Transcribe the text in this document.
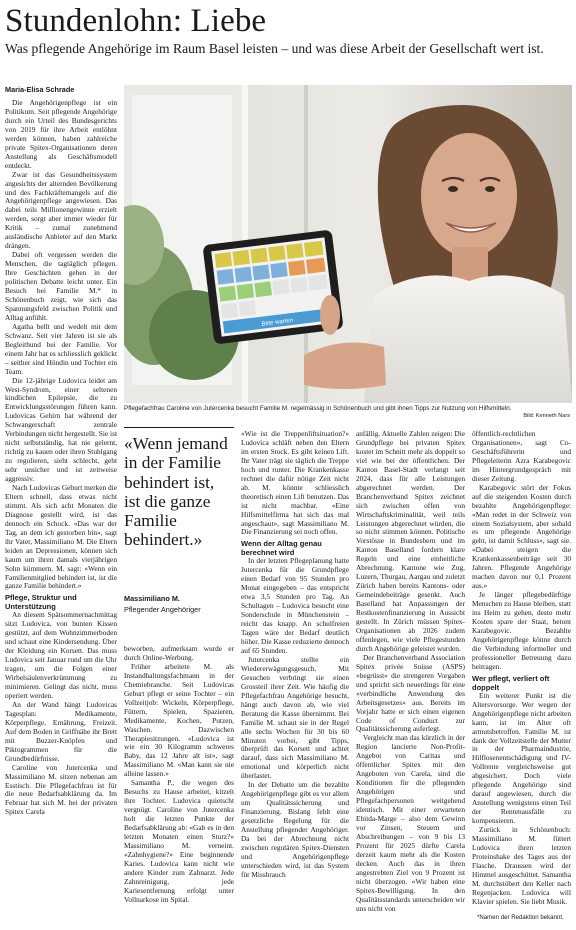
Stundenlohn: Liebe

Was pflegende Angehörige im Raum Basel leisten – und was diese Arbeit der Gesellschaft wert ist.

Maria-Elisa Schrade

Die Angehörigenpflege ist ein Politikum. Seit pflegende Angehörige durch ein Urteil des Bundesgerichts von 2019 für ihre Arbeit entlöhnt werden können, haben zahlreiche private Spitex-Organisationen deren Anstellung als Geschäftsmodell entdeckt.

Zwar ist das Gesundheitssystem angesichts der alternden Bevölkerung und des Fachkräftemangels auf die Angehörigenpflege angewiesen. Das dabei teils Millionengewinne erzielt werden, sorgt aber immer wieder für Kritik – zumal zunehmend ausländische Anbieter auf den Markt drängen.

Dabei oft vergessen werden die Menschen, die tagtäglich pflegen. Ihre Geschichten gehen in der politischen Debatte leicht unter. Ein Besuch bei Familie M.* in Schönenbuch zeigt, wie sich das Spannungsfeld zwischen Politik und Alltag anfühlt.

Agatha bellt und wedelt mit dem Schwanz. Seit vier Jahren ist sie als Begleithund bei der Familie. Vor einem Jahr hat es schliesslich geklickt – seither sind Hündin und Tochter ein Team.

Die 12-jährige Ludovica leidet am West-Syndrom, einer seltenen kindlichen Epilepsie, die zu Entwicklungsstörungen führen kann. Ludovicas Gehirn hat während der Schwangerschaft zentrale Verbindungen nicht hergestellt. Sie ist nicht selbstständig, hat nie gelernt, richtig zu kauen oder ihren Stuhlgang zu regulieren, sieht schlecht, geht sehr unsicher und ist zeitweise aggressiv.

Nach Ludovicas Geburt merken die Eltern schnell, dass etwas nicht stimmt. Als sich acht Monaten die Diagnose gestellt wird, ist das dennoch ein Schock. «Das war der Tag, an dem ich gestorben bin», sagt ihr Vater, Massimiliano M. Die Eltern leiden an Depressionen, können sich kaum um ihren damals vierjährigen Sohn kümmern. M. sagt: «Wenn ein Familienmitglied behindert ist, ist die ganze Familie behindert.»

Pflege, Struktur und Unterstützung

An diesem Spätsommernachmittag sitzt Ludovica, von bunten Kissen gestützt, auf dem Wohnzimmerboden und schaut eine Kindersendung. Über der Kleidung ein Korsett. Das muss Ludovica seit Januar rund um die Uhr tragen, um die Folgen einer Wirbelsäulenverkrümmung zu minimieren. Gelingt das nicht, muss operiert werden.

An der Wand hängt Ludovicas Tagesplan: Medikamente, Körperpflege, Ernährung, Freizeit. Auf dem Boden in Griffnähe ihr Brett mit Buzzer-Knöpfen und Piktogrammen für die Grundbedürfnisse.

Caroline von Jutercenka und Massimiliano M. sitzen nebenan am Esstisch. Die Pflegefachfrau ist für die neue Bedarfsabklärung da. Im Februar hat sich M. bei der privaten Spitex Carela

Bitte warten
Pflegefachfrau Caroline von Jutercenka besucht Familie M. regelmässig in Schönenbuch und gibt ihnen Tipps zur Nutzung von Hilfsmitteln.
Bild: Kenneth Nars
«Wenn jemand in der Familie behindert ist, ist die ganze Familie behindert.»
Massimiliano M.
Pflegender Angehöriger

beworben, aufmerksam wurde er durch Online-Werbung.

Früher arbeitete M. als Instandhaltungsfachmann in der Chemiebranche. Seit Ludovicas Geburt pflegt er seine Tochter – ein Vollzeitjob: Wickeln, Körperpflege, Füttern, Spielen, Spazieren, Medikamente, Kochen, Putzen, Waschen. Dazwischen Therapiesitzungen. «Ludovica ist wie ein 30 Kilogramm schweres Baby, das 12 Jahre alt ist», sagt Massimiliano M. «Man kann sie nie alleine lassen.»

Samantha P., die wegen des Besuchs zu Hause arbeitet, kitzelt ihre Tochter. Ludovica quietscht vergnügt. Caroline von Jutercenka holt die letzten Punkte der Bedarfsabklärung ab: «Gab es in den letzten Monaten einen Sturz?» Massimiliano M. verneint. «Zahnhygiene?» Eine beginnende Karies. Ludovica kann nicht wie andere Kinder zum Zahnarzt. Jede Zahnreinigung, jede Kariesentfernung erfolgt unter Vollnarkose im Spital.

«Wie ist die Treppenliftsituation?» Ludovica schläft neben den Eltern im ersten Stock. Es gibt keinen Lift. Ihr Vater trägt sie täglich die Treppe hoch und runter. Die Krankenkasse rechnet die dafür nötige Zeit nicht ab. M. könnte schliesslich theoretisch einen Lift benutzen. Das ist nicht machbar. «Eine Hilfsmittelfirma hat sich das mal angeschaut», sagt Massimiliano M. Die Finanzierung sei noch offen.

Wenn der Alltag genau berechnet wird

In der letzten Pflegeplanung hatte Jutercenka für die Grundpflege einen Bedarf von 95 Stunden pro Monat eingegeben – das entspricht etwa 3,5 Stunden pro Tag. An Schultagen – Ludovica besucht eine Sonderschule in Münchenstein – reicht das knapp. An schulfreien Tagen wäre der Bedarf deutlich höher. Die Kasse reduzierte dennoch auf 65 Stunden.

Jutercenka stellte ein Wiedererwägungsgesuch. Mit Gesuchen verbringt sie einen Grossteil ihrer Zeit. Wie häufig die Pflegefachfrau Angehörige besucht, hängt auch davon ab, wie viel Beratung die Kasse übernimmt. Bei Familie M. schaut sie in der Regel alle sechs Wochen für 30 bis 60 Minuten vorbei, gibt Tipps, überprüft das Korsett und achtet darauf, dass sich Massimiliano M. emotional und körperlich nicht überlastet.

In der Debatte um die bezahlte Angehörigenpflege gibt es vor allem um Qualitätssicherung und Finanzierung. Bislang fehlt eine gesetzliche Regelung für die Anstellung pflegender Angehöriger. Da bei der Abrechnung nicht zwischen regulären Spitex-Diensten und Angehörigenpflege unterschieden wird, ist das System für Missbrauch

anfällig. Aktuelle Zahlen zeigen: Die Grundpflege bei privaten Spitex kostet im Schnitt mehr als doppelt so viel wie bei der öffentlichen. Der Kanton Basel-Stadt verlangt seit 2024, dass für alle Leistungen abgerechnet werden. Der Branchenverband Spitex zeichnet sich zwischen offen von Wirtschaftskriminalität, weil teils Leistungen abgerechnet würden, die so nicht stimmen können. Politische Vorstösse in Bundesbern und im Kanton Baselland fordern klare Regeln und eine einheitliche Abrechnung. Kantone wie Zug, Luzern, Thurgau, Aargau und zuletzt Zürich haben bereits Kantons- oder Gemeindebeiträge gesenkt. Auch Baselland hat Anpassungen der Restkostenfinanzierung in Aussicht gestellt. In Zürich müssen Spitex-Organisationen ab 2026 zudem offenlegen, wie viele Pflegestunden durch Angehörige geleistet wurden.

Der Branchenverband Association Spitex privée Suisse (ASPS) «begrüsst» die strengeren Vorgaben und spricht sich neuerdings für eine «verbindliche Anwendung des Arbeitsgesetzes» aus. Bereits im Vorjahr hatte er sich einen eigenen Code of Conduct zur Qualitätssicherung auferlegt.

Vergleicht man das kürzlich in der Region lancierte Non-Profit-Angebot von Caritas und öffentlicher Spitex mit den Angeboten von Carela, sind die Konditionen für die pflegenden Angehörigen und Pflegefachpersonen weitgehend identisch. Mit einer erwarteten Ebitda-Marge – also dem Gewinn vor Zinsen, Steuern und Abschreibungen – von 9 bis 13 Prozent für 2025 dürfte Carela derzeit kaum mehr als die Kosten decken. Auch das in ihren angestrebten Ziel von 9 Prozent ist nicht überzogen. «Wir haben eine Spitex-Bewilligung. In den Qualitätsstandards unterscheiden wir uns nicht von

öffentlich-rechtlichen Organisationen», sagt Co-Geschäftsführerin und Pflegeleiterin Azra Karabegovic im Hintergrundgespräch mit dieser Zeitung.

Karabegovic stört der Fokus auf die steigenden Kosten durch bezahlte Angehörigenpflege: «Man redet in der Schweiz von einem Sozialsystem, aber sobald es um pflegende Angehörige geht, ist damit Schluss», sagt sie. «Dabei steigen die Krankenkassenbeiträge seit 30 Jahren. Pflegende Angehörige machen davon nur 0,1 Prozent aus.»

Je länger pflegebedürftige Menschen zu Hause bleiben, statt ins Heim zu gehen, desto mehr Kosten spare der Staat, betont Karabegovic. Bezahlte Angehörigenpflege könne durch die Verbindung informeller und professioneller Betreuung dazu beitragen.

Wer pflegt, verliert oft doppelt

Ein weiterer Punkt ist die Altersvorsorge. Wer wegen der Angehörigenpflege nicht arbeiten kann, ist im Alter oft armutsbetroffen. Familie M. ist dank der Vollzeitstelle der Mutter in der Pharmaindustrie, Hilflosenentschädigung und IV-Vollrente vergleichsweise gut abgesichert. Doch viele pflegende Angehörige sind darauf angewiesen, durch die Anstellung wenigstens einen Teil der Rentenausfälle zu kompensieren.

Zurück in Schönenbuch: Massimiliano M. füttert Ludovica ihren letzten Proteinshake des Tages aus der Flasche. Draussen wird der Himmel ausgeschüttet. Samantha M. durchstöbert den Keller nach Regenjacken. Ludovica will Klavier spielen. Sie liebt Musik.

*Namen der Redaktion bekannt.
